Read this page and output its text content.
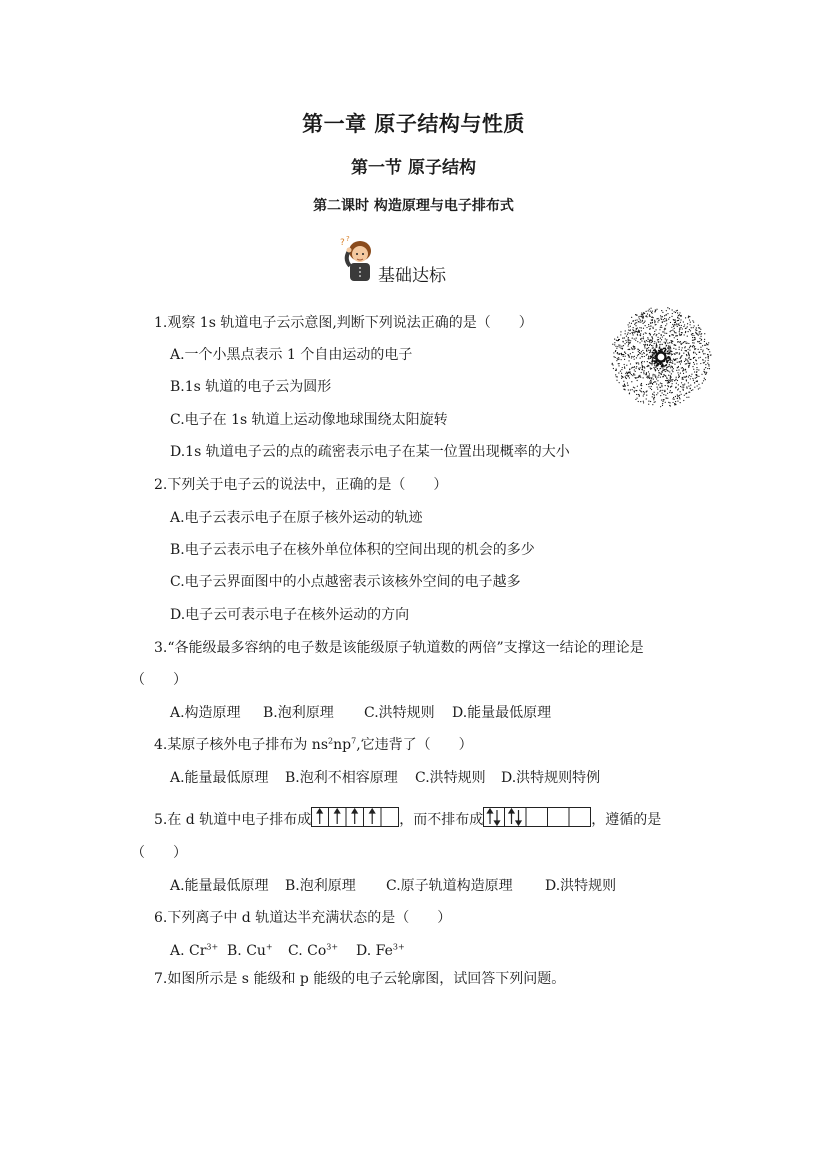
第一章 原子结构与性质
第一节 原子结构
第二课时 构造原理与电子排布式
? ?
基础达标
1.观察 1s 轨道电子云示意图,判断下列说法正确的是（　　）
A.一个小黑点表示 1 个自由运动的电子
B.1s 轨道的电子云为圆形
C.电子在 1s 轨道上运动像地球围绕太阳旋转
D.1s 轨道电子云的点的疏密表示电子在某一位置出现概率的大小
2.下列关于电子云的说法中，正确的是（　　）
A.电子云表示电子在原子核外运动的轨迹
B.电子云表示电子在核外单位体积的空间出现的机会的多少
C.电子云界面图中的小点越密表示该核外空间的电子越多
D.电子云可表示电子在核外运动的方向
3.“各能级最多容纳的电子数是该能级原子轨道数的两倍”支撑这一结论的理论是
（　　）
A.构造原理 B.泡利原理 C.洪特规则 D.能量最低原理
4.某原子核外电子排布为 $ns^2np^7$,它违背了（　　）
A.能量最低原理 B.泡利不相容原理 C.洪特规则 D.洪特规则特例
5.在 d 轨道中电子排布成	，而不排布成	，遵循的是
（　　）
A.能量最低原理 B.泡利原理 C.原子轨道构造原理 D.洪特规则
6.下列离子中 d 轨道达半充满状态的是（　　）
A. $Cr^{3+}$ B. Cu+ C. $Co^{3+}$ D. $Fe^{3+}$
7.如图所示是 s 能级和 p 能级的电子云轮廓图，试回答下列问题。
